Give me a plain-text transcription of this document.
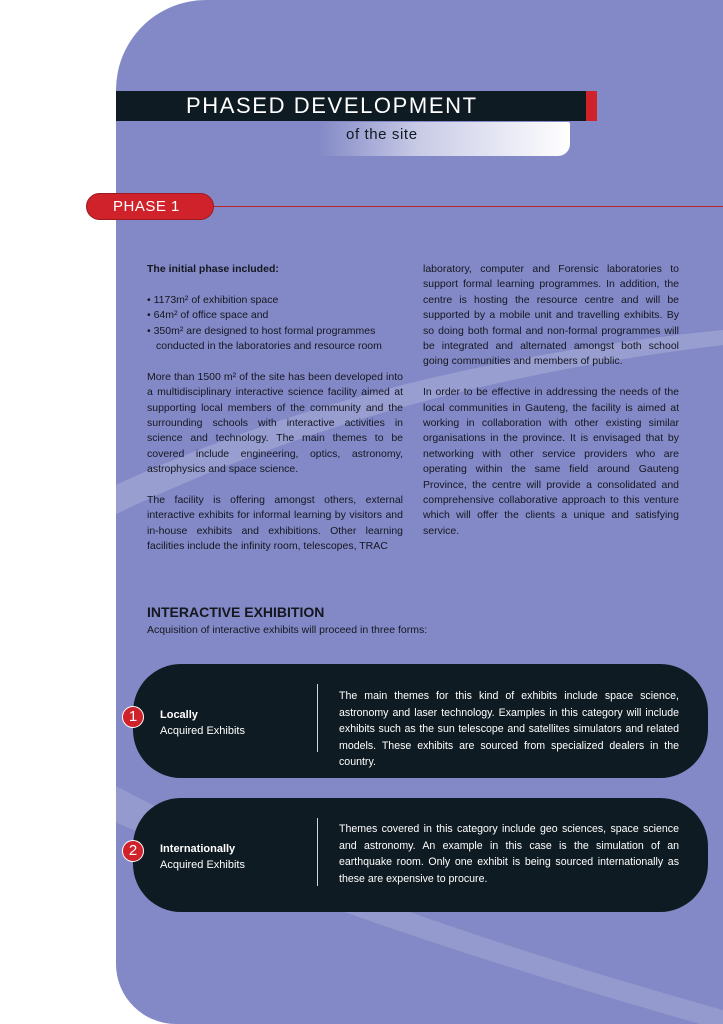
PHASED DEVELOPMENT
of the site
PHASE 1

The initial phase included:

• 1173m² of exhibition space
• 64m² of office space and
• 350m² are designed to host formal programmes
conducted in the laboratories and resource room

More than 1500 m² of the site has been developed into a multidisciplinary interactive science facility aimed at supporting local members of the community and the surrounding schools with interactive activities in science and technology. The main themes to be covered include engineering, optics, astronomy, astrophysics and space science.

The facility is offering amongst others, external interactive exhibits for informal learning by visitors and in-house exhibits and exhibitions. Other learning facilities include the infinity room, telescopes, TRAC

laboratory, computer and Forensic laboratories to support formal learning programmes. In addition, the centre is hosting the resource centre and will be supported by a mobile unit and travelling exhibits. By so doing both formal and non-formal programmes will be integrated and alternated amongst both school going communities and members of public.

In order to be effective in addressing the needs of the local communities in Gauteng, the facility is aimed at working in collaboration with other existing similar organisations in the province. It is envisaged that by networking with other service providers who are operating within the same field around Gauteng Province, the centre will provide a consolidated and comprehensive collaborative approach to this venture which will offer the clients a unique and satisfying service.

INTERACTIVE EXHIBITION
Acquisition of interactive exhibits will proceed in three forms:
1	Locally
Acquired Exhibits
The main themes for this kind of exhibits include space science, astronomy and laser technology. Examples in this category will include exhibits such as the sun telescope and satellites simulators and related models. These exhibits are sourced from specialized dealers in the country.
2	Internationally
Acquired Exhibits
Themes covered in this category include geo sciences, space science and astronomy. An example in this case is the simulation of an earthquake room. Only one exhibit is being sourced internationally as these are expensive to procure.
